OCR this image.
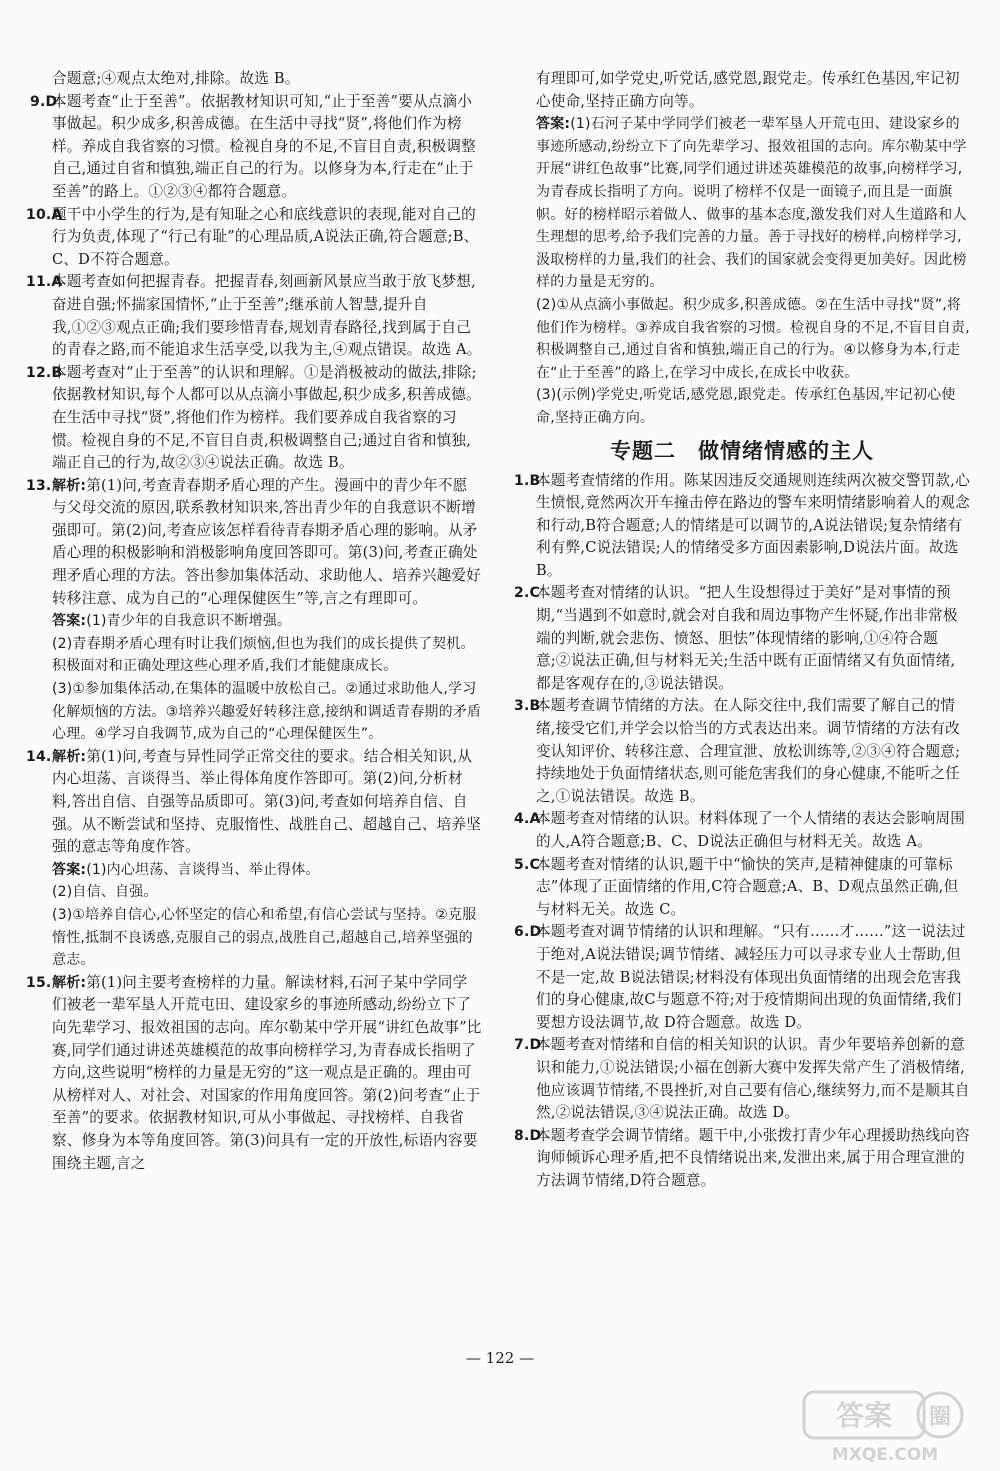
合题意;④观点太绝对,排除。故选 B。

9.D
本题考查“止于至善”。依据教材知识可知,“止于至善”要从点滴小事做起。积少成多,积善成德。在生活中寻找“贤”,将他们作为榜样。养成自我省察的习惯。检视自身的不足,不盲目自责,积极调整自己,通过自省和慎独,端正自己的行为。以修身为本,行走在“止于至善”的路上。①②③④都符合题意。
10.A
题干中小学生的行为,是有知耻之心和底线意识的表现,能对自己的行为负责,体现了“行己有耻”的心理品质,A说法正确,符合题意;B、C、D不符合题意。
11.A
本题考查如何把握青春。把握青春,刻画新风景应当敢于放飞梦想,奋进自强;怀揣家国情怀,“止于至善”;继承前人智慧,提升自我,①②③观点正确;我们要珍惜青春,规划青春路径,找到属于自己的青春之路,而不能追求生活享受,以我为主,④观点错误。故选 A。
12.B
本题考查对“止于至善”的认识和理解。①是消极被动的做法,排除;依据教材知识,每个人都可以从点滴小事做起,积少成多,积善成德。在生活中寻找“贤”,将他们作为榜样。我们要养成自我省察的习惯。检视自身的不足,不盲目自责,积极调整自己;通过自省和慎独,端正自己的行为,故②③④说法正确。故选 B。
13. 解析:第(1)问,考查青春期矛盾心理的产生。漫画中的青少年不愿与父母交流的原因,联系教材知识来,答出青少年的自我意识不断增强即可。第(2)问,考查应该怎样看待青春期矛盾心理的影响。从矛盾心理的积极影响和消极影响角度回答即可。第(3)问,考查正确处理矛盾心理的方法。答出参加集体活动、求助他人、培养兴趣爱好转移注意、成为自己的“心理保健医生”等,言之有理即可。

答案:(1)青少年的自我意识不断增强。

(2)青春期矛盾心理有时让我们烦恼,但也为我们的成长提供了契机。积极面对和正确处理这些心理矛盾,我们才能健康成长。

(3)①参加集体活动,在集体的温暖中放松自己。②通过求助他人,学习化解烦恼的方法。③培养兴趣爱好转移注意,接纳和调适青春期的矛盾心理。④学习自我调节,成为自己的“心理保健医生”。

14. 解析:第(1)问,考查与异性同学正常交往的要求。结合相关知识,从内心坦荡、言谈得当、举止得体角度作答即可。第(2)问,分析材料,答出自信、自强等品质即可。第(3)问,考查如何培养自信、自强。从不断尝试和坚持、克服惰性、战胜自己、超越自己、培养坚强的意志等角度作答。

答案:(1)内心坦荡、言谈得当、举止得体。

(2)自信、自强。

(3)①培养自信心,心怀坚定的信心和希望,有信心尝试与坚持。②克服惰性,抵制不良诱惑,克服自己的弱点,战胜自己,超越自己,培养坚强的意志。

15. 解析:第(1)问主要考查榜样的力量。解读材料,石河子某中学同学们被老一辈军垦人开荒屯田、建设家乡的事迹所感动,纷纷立下了向先辈学习、报效祖国的志向。库尔勒某中学开展“讲红色故事”比赛,同学们通过讲述英雄模范的故事向榜样学习,为青春成长指明了方向,这些说明“榜样的力量是无穷的”这一观点是正确的。理由可从榜样对人、对社会、对国家的作用角度回答。第(2)问考查“止于至善”的要求。依据教材知识,可从小事做起、寻找榜样、自我省察、修身为本等角度回答。第(3)问具有一定的开放性,标语内容要围绕主题,言之

有理即可,如学党史,听党话,感党恩,跟党走。传承红色基因,牢记初心使命,坚持正确方向等。

答案:(1)石河子某中学同学们被老一辈军垦人开荒屯田、建设家乡的事迹所感动,纷纷立下了向先辈学习、报效祖国的志向。库尔勒某中学开展“讲红色故事”比赛,同学们通过讲述英雄模范的故事,向榜样学习,为青春成长指明了方向。说明了榜样不仅是一面镜子,而且是一面旗帜。好的榜样昭示着做人、做事的基本态度,激发我们对人生道路和人生理想的思考,给予我们完善的力量。善于寻找好的榜样,向榜样学习,汲取榜样的力量,我们的社会、我们的国家就会变得更加美好。因此榜样的力量是无穷的。

(2)①从点滴小事做起。积少成多,积善成德。②在生活中寻找“贤”,将他们作为榜样。③养成自我省察的习惯。检视自身的不足,不盲目自责,积极调整自己,通过自省和慎独,端正自己的行为。④以修身为本,行走在“止于至善”的路上,在学习中成长,在成长中收获。

(3)(示例)学党史,听党话,感党恩,跟党走。传承红色基因,牢记初心使命,坚持正确方向。

专题二　做情绪情感的主人
1.B
本题考查情绪的作用。陈某因违反交通规则连续两次被交警罚款,心生愤恨,竟然两次开车撞击停在路边的警车来明情绪影响着人的观念和行动,B符合题意;人的情绪是可以调节的,A说法错误;复杂情绪有利有弊,C说法错误;人的情绪受多方面因素影响,D说法片面。故选 B。
2.C
本题考查对情绪的认识。“把人生设想得过于美好”是对事情的预期,“当遇到不如意时,就会对自我和周边事物产生怀疑,作出非常极端的判断,就会悲伤、愤怒、胆怯”体现情绪的影响,①④符合题意;②说法正确,但与材料无关;生活中既有正面情绪又有负面情绪,都是客观存在的,③说法错误。
3.B
本题考查调节情绪的方法。在人际交往中,我们需要了解自己的情绪,接受它们,并学会以恰当的方式表达出来。调节情绪的方法有改变认知评价、转移注意、合理宣泄、放松训练等,②③④符合题意;持续地处于负面情绪状态,则可能危害我们的身心健康,不能听之任之,①说法错误。故选 B。
4.A
本题考查对情绪的认识。材料体现了一个人情绪的表达会影响周围的人,A符合题意;B、C、D说法正确但与材料无关。故选 A。
5.C
本题考查对情绪的认识,题干中“愉快的笑声,是精神健康的可靠标志”体现了正面情绪的作用,C符合题意;A、B、D观点虽然正确,但与材料无关。故选 C。
6.D
本题考查对调节情绪的认识和理解。“只有……才……”这一说法过于绝对,A说法错误;调节情绪、减轻压力可以寻求专业人士帮助,但不是一定,故 B说法错误;材料没有体现出负面情绪的出现会危害我们的身心健康,故C与题意不符;对于疫情期间出现的负面情绪,我们要想方设法调节,故 D符合题意。故选 D。
7.D
本题考查对情绪和自信的相关知识的认识。青少年要培养创新的意识和能力,①说法错误;小福在创新大赛中发挥失常产生了消极情绪,他应该调节情绪,不畏挫折,对自己要有信心,继续努力,而不是顺其自然,②说法错误,③④说法正确。故选 D。
8.D
本题考查学会调节情绪。题干中,小张拨打青少年心理援助热线向咨询师倾诉心理矛盾,把不良情绪说出来,发泄出来,属于用合理宣泄的方法调节情绪,D符合题意。
— 122 —
答案 圈
MXQE.COM
